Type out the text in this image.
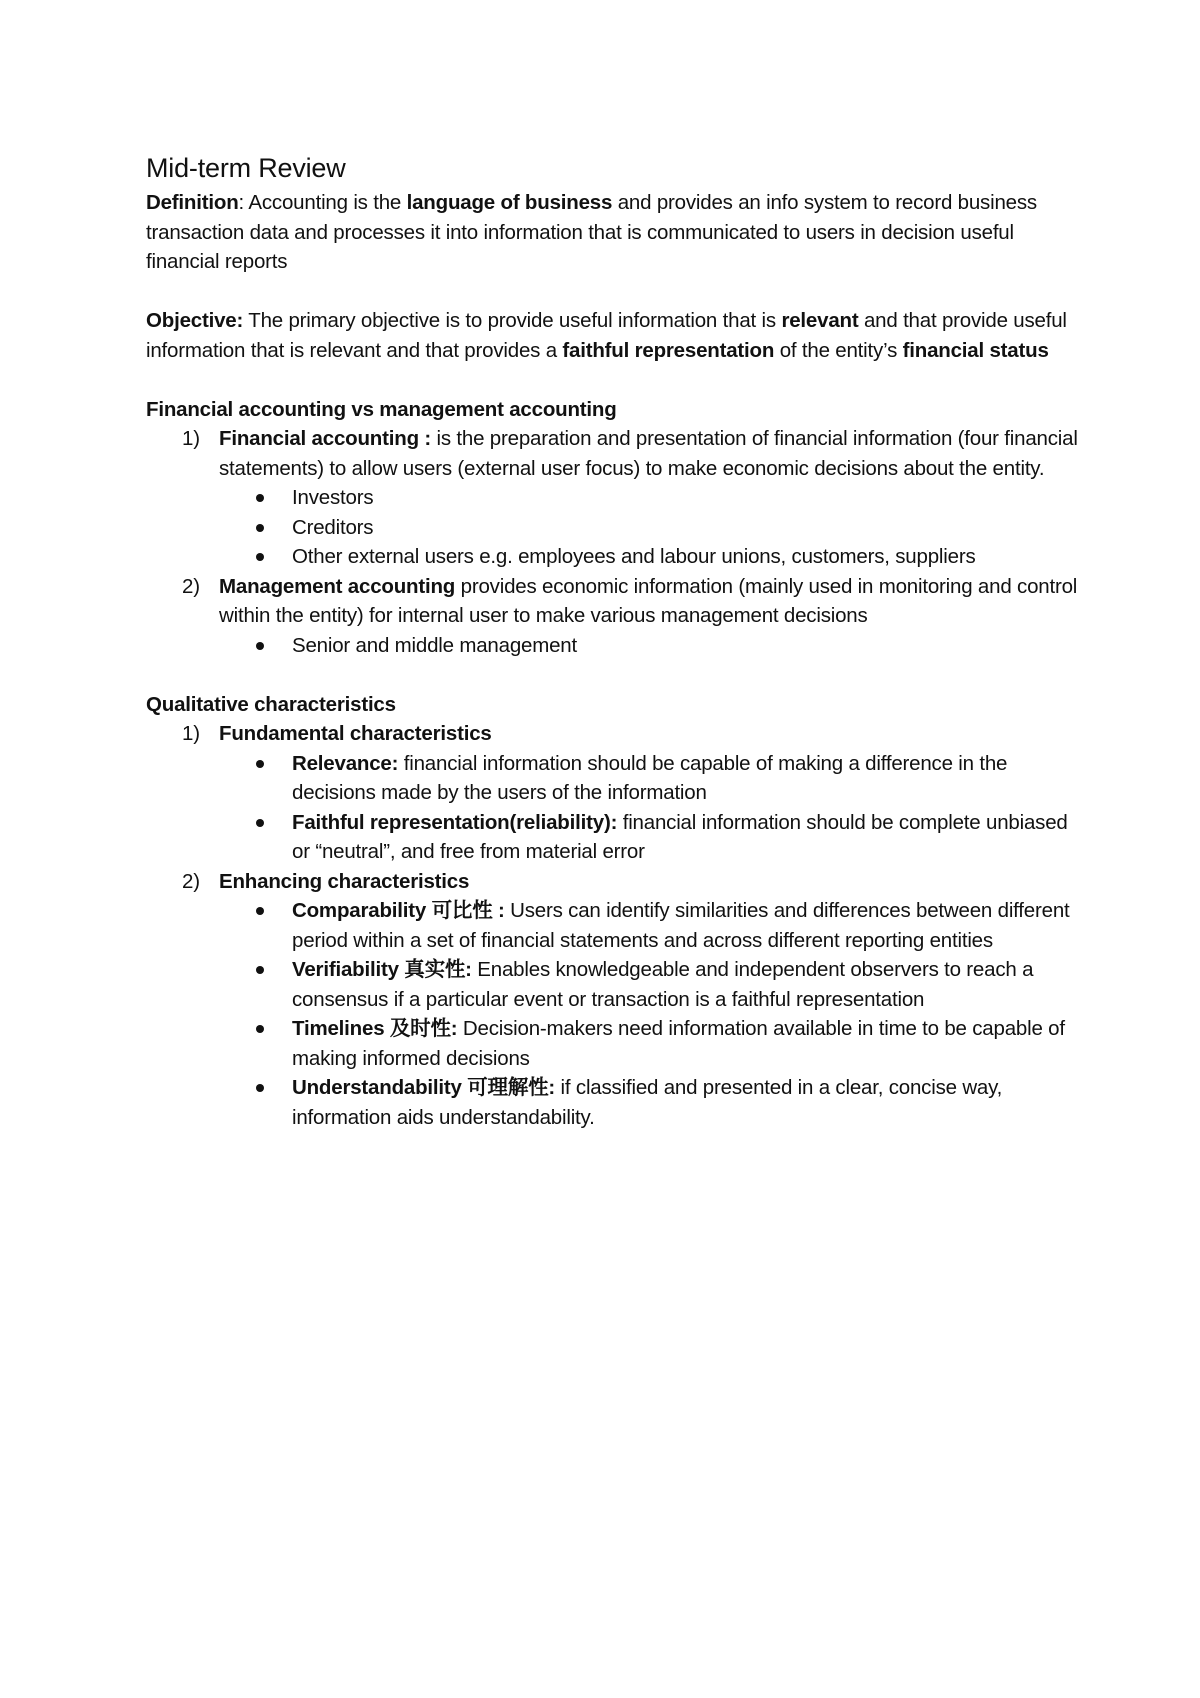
Mid-term Review

Definition: Accounting is the language of business and provides an info system to record business transaction data and processes it into information that is communicated to users in decision useful financial reports

Objective: The primary objective is to provide useful information that is relevant and that provide useful information that is relevant and that provides a faithful representation of the entity’s financial status

Financial accounting vs management accounting

1) Financial accounting : is the preparation and presentation of financial information (four financial statements) to allow users (external user focus) to make economic decisions about the entity.
Investors
Creditors
Other external users e.g. employees and labour unions, customers, suppliers
2) Management accounting provides economic information (mainly used in monitoring and control within the entity) for internal user to make various management decisions
Senior and middle management

Qualitative characteristics

1) Fundamental characteristics
Relevance: financial information should be capable of making a difference in the decisions made by the users of the information
Faithful representation(reliability): financial information should be complete unbiased or “neutral”, and free from material error
2) Enhancing characteristics
Comparability 可比性 : Users can identify similarities and differences between different period within a set of financial statements and across different reporting entities
Verifiability 真实性: Enables knowledgeable and independent observers to reach a consensus if a particular event or transaction is a faithful representation
Timelines 及时性: Decision-makers need information available in time to be capable of making informed decisions
Understandability 可理解性: if classified and presented in a clear, concise way, information aids understandability.
